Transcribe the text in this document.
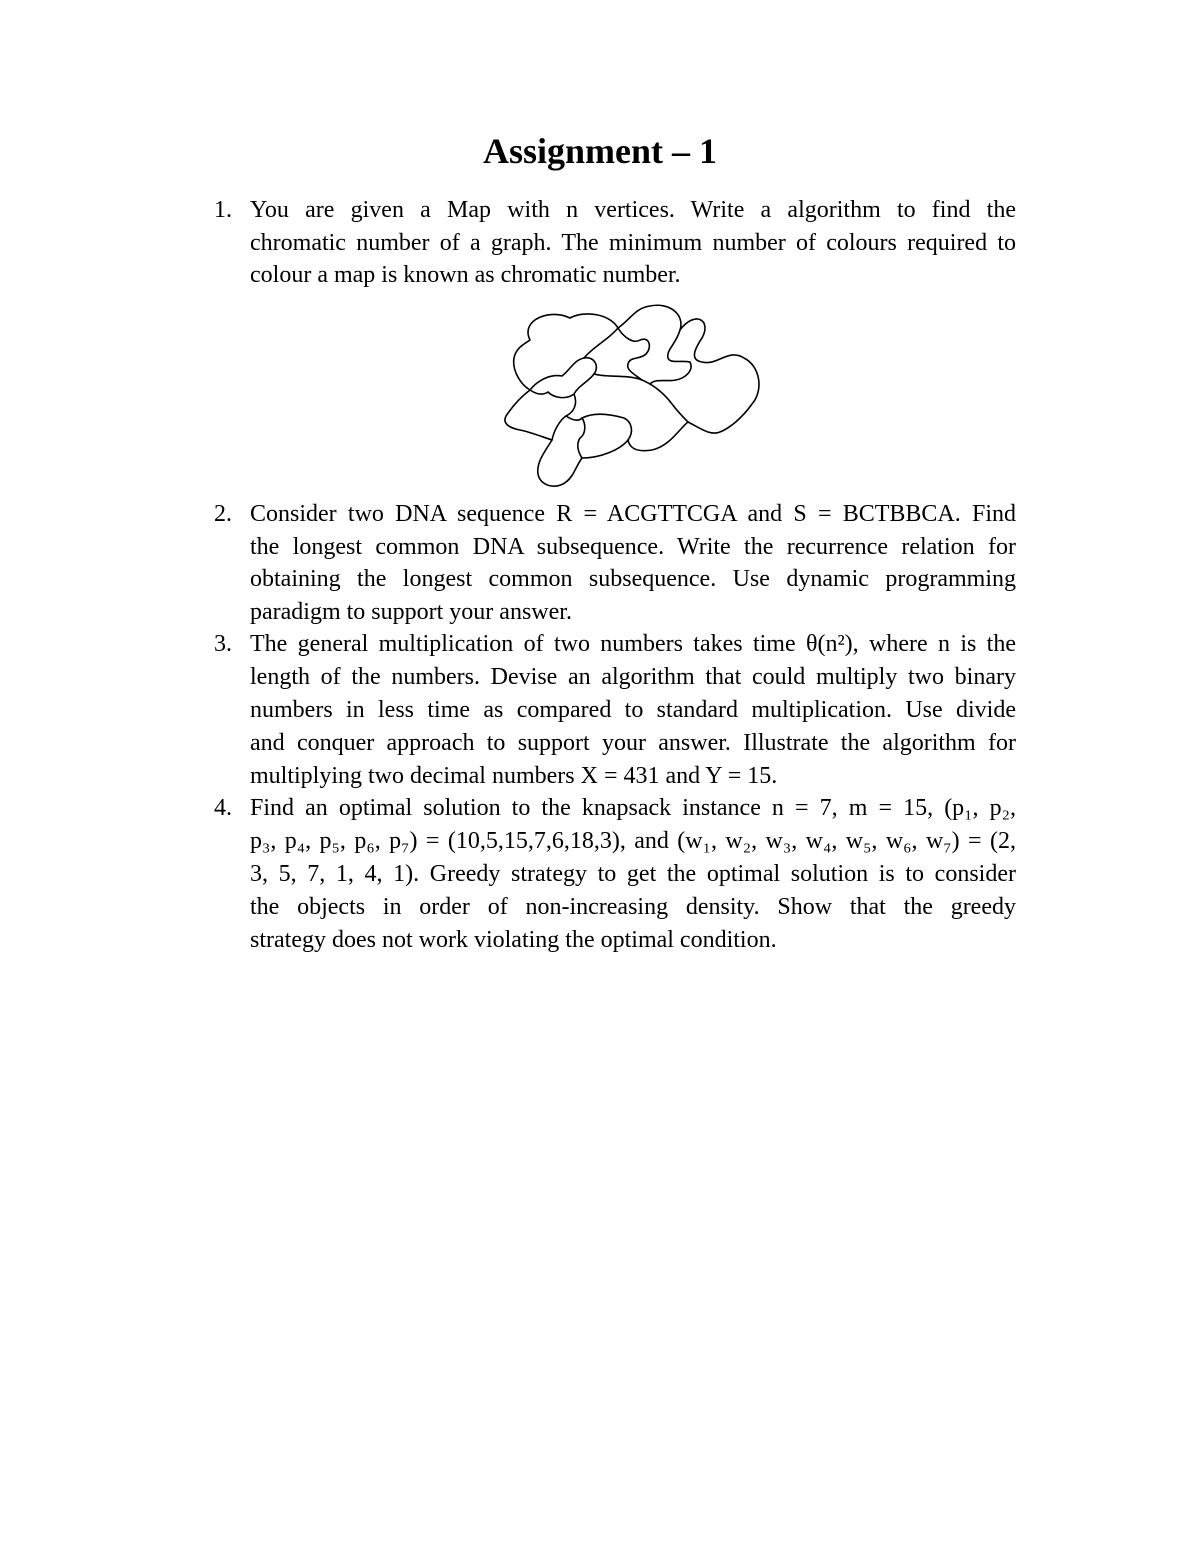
Assignment – 1
1. You are given a Map with n vertices. Write a algorithm to find the
chromatic number of a graph. The minimum number of colours required to
colour a map is known as chromatic number.
2. Consider two DNA sequence R = ACGTTCGA and S = BCTBBCA. Find
the longest common DNA subsequence. Write the recurrence relation for
obtaining the longest common subsequence. Use dynamic programming
paradigm to support your answer.
3. The general multiplication of two numbers takes time θ(n²), where n is the
length of the numbers. Devise an algorithm that could multiply two binary
numbers in less time as compared to standard multiplication. Use divide
and conquer approach to support your answer. Illustrate the algorithm for
multiplying two decimal numbers X = 431 and Y = 15.
4. Find an optimal solution to the knapsack instance n = 7, m = 15, (p₁, p₂,
p₃, p₄, p₅, p₆, p₇) = (10,5,15,7,6,18,3), and (w₁, w₂, w₃, w₄, w₅, w₆, w₇) = (2,
3, 5, 7, 1, 4, 1). Greedy strategy to get the optimal solution is to consider
the objects in order of non-increasing density. Show that the greedy
strategy does not work violating the optimal condition.
